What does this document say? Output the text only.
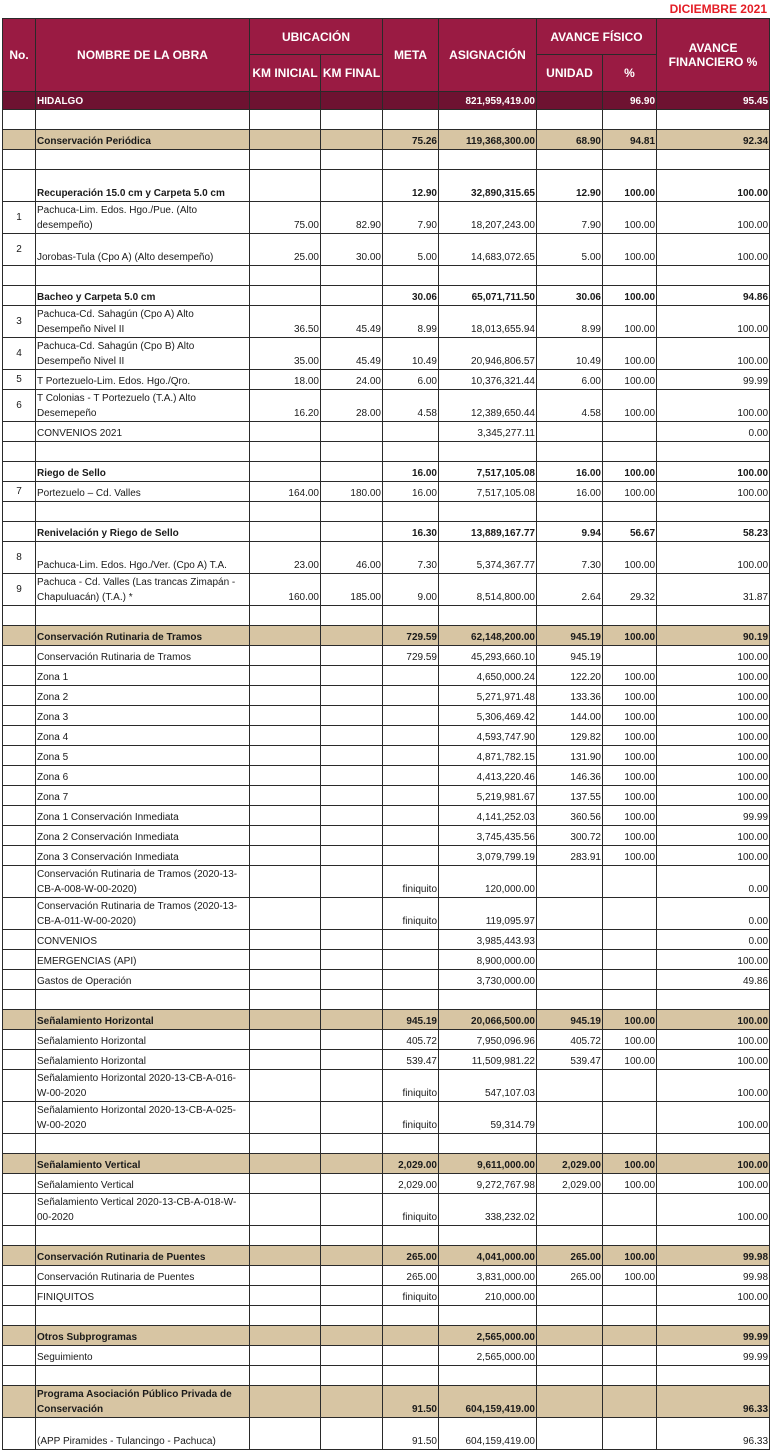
DICIEMBRE 2021
No.	NOMBRE DE LA OBRA	UBICACIÓN		META	ASIGNACIÓN	AVANCE FÍSICO		AVANCE FINANCIERO %
		KM INICIAL	KM FINAL			UNIDAD	%	
	HIDALGO				821,959,419.00		96.90	95.45

	Conservación Periódica			75.26	119,368,300.00	68.90	94.81	92.34

	Recuperación 15.0 cm y Carpeta 5.0 cm			12.90	32,890,315.65	12.90	100.00	100.00
1	Pachuca-Lim. Edos. Hgo./Pue. (Alto desempeño)	75.00	82.90	7.90	18,207,243.00	7.90	100.00	100.00
2	Jorobas-Tula (Cpo A) (Alto desempeño)	25.00	30.00	5.00	14,683,072.65	5.00	100.00	100.00

	Bacheo y Carpeta 5.0 cm			30.06	65,071,711.50	30.06	100.00	94.86
3	Pachuca-Cd. Sahagún (Cpo A) Alto Desempeño Nivel II	36.50	45.49	8.99	18,013,655.94	8.99	100.00	100.00
4	Pachuca-Cd. Sahagún (Cpo B) Alto Desempeño Nivel II	35.00	45.49	10.49	20,946,806.57	10.49	100.00	100.00
5	T Portezuelo-Lim. Edos. Hgo./Qro.	18.00	24.00	6.00	10,376,321.44	6.00	100.00	99.99
6	T Colonias - T Portezuelo (T.A.) Alto Desemepeño	16.20	28.00	4.58	12,389,650.44	4.58	100.00	100.00
	CONVENIOS 2021				3,345,277.11			0.00

	Riego de Sello			16.00	7,517,105.08	16.00	100.00	100.00
7	Portezuelo – Cd. Valles	164.00	180.00	16.00	7,517,105.08	16.00	100.00	100.00

	Renivelación y Riego de Sello			16.30	13,889,167.77	9.94	56.67	58.23
8	Pachuca-Lim. Edos. Hgo./Ver. (Cpo A) T.A.	23.00	46.00	7.30	5,374,367.77	7.30	100.00	100.00
9	Pachuca - Cd. Valles (Las trancas Zimapán - Chapuluacán) (T.A.) *	160.00	185.00	9.00	8,514,800.00	2.64	29.32	31.87

	Conservación Rutinaria de Tramos			729.59	62,148,200.00	945.19	100.00	90.19
	Conservación Rutinaria de Tramos			729.59	45,293,660.10	945.19		100.00
	Zona 1				4,650,000.24	122.20	100.00	100.00
	Zona 2				5,271,971.48	133.36	100.00	100.00
	Zona 3				5,306,469.42	144.00	100.00	100.00
	Zona 4				4,593,747.90	129.82	100.00	100.00
	Zona 5				4,871,782.15	131.90	100.00	100.00
	Zona 6				4,413,220.46	146.36	100.00	100.00
	Zona 7				5,219,981.67	137.55	100.00	100.00
	Zona 1 Conservación Inmediata				4,141,252.03	360.56	100.00	99.99
	Zona 2 Conservación Inmediata				3,745,435.56	300.72	100.00	100.00
	Zona 3 Conservación Inmediata				3,079,799.19	283.91	100.00	100.00
	Conservación Rutinaria de Tramos (2020-13-CB-A-008-W-00-2020)			finiquito	120,000.00			0.00
	Conservación Rutinaria de Tramos (2020-13-CB-A-011-W-00-2020)			finiquito	119,095.97			0.00
	CONVENIOS				3,985,443.93			0.00
	EMERGENCIAS (API)				8,900,000.00			100.00
	Gastos de Operación				3,730,000.00			49.86

	Señalamiento Horizontal			945.19	20,066,500.00	945.19	100.00	100.00
	Señalamiento Horizontal			405.72	7,950,096.96	405.72	100.00	100.00
	Señalamiento Horizontal			539.47	11,509,981.22	539.47	100.00	100.00
	Señalamiento Horizontal 2020-13-CB-A-016-W-00-2020			finiquito	547,107.03			100.00
	Señalamiento Horizontal 2020-13-CB-A-025-W-00-2020			finiquito	59,314.79			100.00

	Señalamiento Vertical			2,029.00	9,611,000.00	2,029.00	100.00	100.00
	Señalamiento Vertical			2,029.00	9,272,767.98	2,029.00	100.00	100.00
	Señalamiento Vertical 2020-13-CB-A-018-W-00-2020			finiquito	338,232.02			100.00

	Conservación Rutinaria de Puentes			265.00	4,041,000.00	265.00	100.00	99.98
	Conservación Rutinaria de Puentes			265.00	3,831,000.00	265.00	100.00	99.98
	FINIQUITOS			finiquito	210,000.00			100.00

	Otros Subprogramas				2,565,000.00			99.99
	Seguimiento				2,565,000.00			99.99

	Programa Asociación Público Privada de Conservación			91.50	604,159,419.00			96.33
	(APP Piramides - Tulancingo - Pachuca)			91.50	604,159,419.00			96.33
